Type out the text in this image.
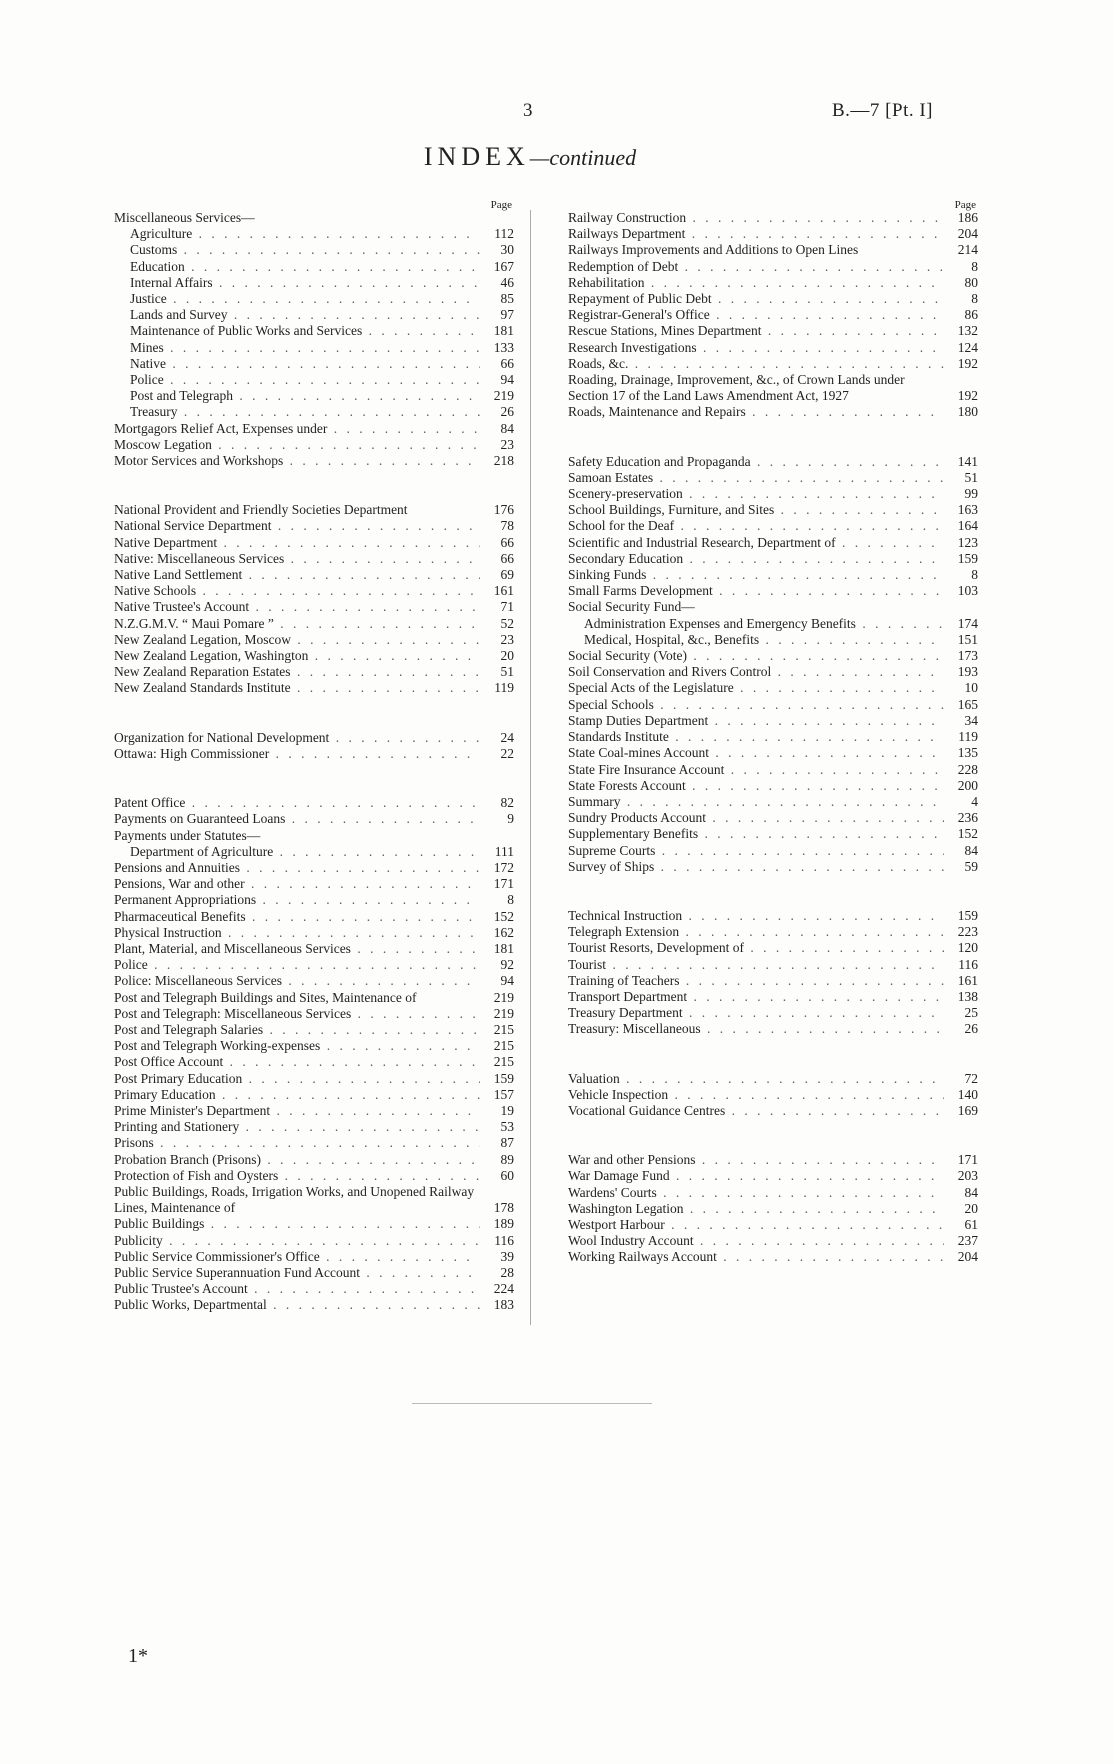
3	B.—7 [Pt. I]
INDEX—continued
Page
Miscellaneous Services—
Agriculture . . .	112
Customs . . .	30
Education . . .	167
Internal Affairs . . .	46
Justice . . .	85
Lands and Survey . . .	97
Maintenance of Public Works and Services . . .	181
Mines . . .	133
Native . . .	66
Police . . .	94
Post and Telegraph . . .	219
Treasury . . .	26
Mortgagors Relief Act, Expenses under . . .	84
Moscow Legation . . .	23
Motor Services and Workshops . . .	218
National Provident and Friendly Societies Department	176
National Service Department . . .	78
Native Department . . .	66
Native: Miscellaneous Services . . .	66
Native Land Settlement . . .	69
Native Schools . . .	161
Native Trustee's Account . . .	71
N.Z.G.M.V. “ Maui Pomare ” . . .	52
New Zealand Legation, Moscow . . .	23
New Zealand Legation, Washington . . .	20
New Zealand Reparation Estates . . .	51
New Zealand Standards Institute . . .	119
Organization for National Development . . .	24
Ottawa: High Commissioner . . .	22
Patent Office . . .	82
Payments on Guaranteed Loans . . .	9
Payments under Statutes—
Department of Agriculture . . .	111
Pensions and Annuities . . .	172
Pensions, War and other . . .	171
Permanent Appropriations . . .	8
Pharmaceutical Benefits . . .	152
Physical Instruction . . .	162
Plant, Material, and Miscellaneous Services . . .	181
Police . . .	92
Police: Miscellaneous Services . . .	94
Post and Telegraph Buildings and Sites, Maintenance of	219
Post and Telegraph: Miscellaneous Services . . .	219
Post and Telegraph Salaries . . .	215
Post and Telegraph Working-expenses . . .	215
Post Office Account . . .	215
Post Primary Education . . .	159
Primary Education . . .	157
Prime Minister's Department . . .	19
Printing and Stationery . . .	53
Prisons . . .	87
Probation Branch (Prisons) . . .	89
Protection of Fish and Oysters . . .	60
Public Buildings, Roads, Irrigation Works, and Unopened Railway Lines, Maintenance of	178
Public Buildings . . .	189
Publicity . . .	116
Public Service Commissioner's Office . . .	39
Public Service Superannuation Fund Account . . .	28
Public Trustee's Account . . .	224
Public Works, Departmental . . .	183
Page
Railway Construction . . .	186
Railways Department . . .	204
Railways Improvements and Additions to Open Lines	214
Redemption of Debt . . .	8
Rehabilitation . . .	80
Repayment of Public Debt . . .	8
Registrar-General's Office . . .	86
Rescue Stations, Mines Department . . .	132
Research Investigations . . .	124
Roads, &c. . . .	192
Roading, Drainage, Improvement, &c., of Crown Lands under Section 17 of the Land Laws Amendment Act, 1927	192
Roads, Maintenance and Repairs . . .	180
Safety Education and Propaganda . . .	141
Samoan Estates . . .	51
Scenery-preservation . . .	99
School Buildings, Furniture, and Sites . . .	163
School for the Deaf . . .	164
Scientific and Industrial Research, Department of . . .	123
Secondary Education . . .	159
Sinking Funds . . .	8
Small Farms Development . . .	103
Social Security Fund—
Administration Expenses and Emergency Benefits . . .	174
Medical, Hospital, &c., Benefits . . .	151
Social Security (Vote) . . .	173
Soil Conservation and Rivers Control . . .	193
Special Acts of the Legislature . . .	10
Special Schools . . .	165
Stamp Duties Department . . .	34
Standards Institute . . .	119
State Coal-mines Account . . .	135
State Fire Insurance Account . . .	228
State Forests Account . . .	200
Summary . . .	4
Sundry Products Account . . .	236
Supplementary Benefits . . .	152
Supreme Courts . . .	84
Survey of Ships . . .	59
Technical Instruction . . .	159
Telegraph Extension . . .	223
Tourist Resorts, Development of . . .	120
Tourist . . .	116
Training of Teachers . . .	161
Transport Department . . .	138
Treasury Department . . .	25
Treasury: Miscellaneous . . .	26
Valuation . . .	72
Vehicle Inspection . . .	140
Vocational Guidance Centres . . .	169
War and other Pensions . . .	171
War Damage Fund . . .	203
Wardens' Courts . . .	84
Washington Legation . . .	20
Westport Harbour . . .	61
Wool Industry Account . . .	237
Working Railways Account . . .	204
1*
